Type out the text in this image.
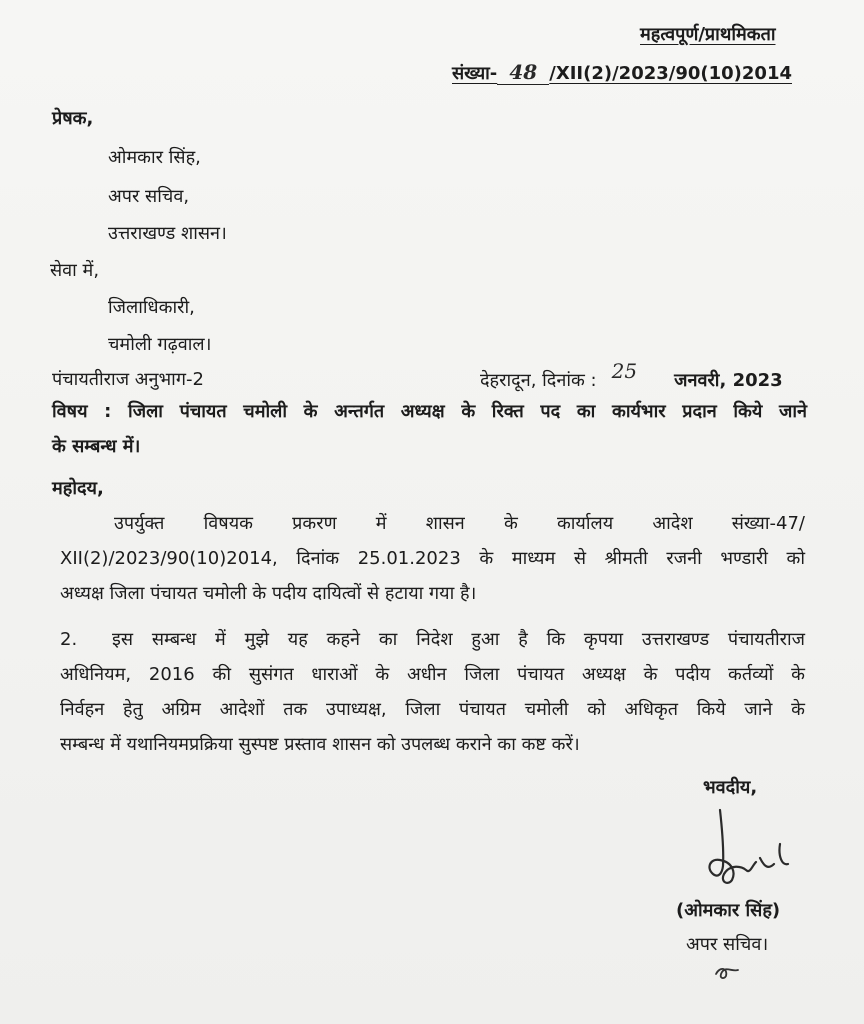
महत्वपूर्ण/प्राथमिकता
संख्या- 48 /XII(2)/2023/90(10)2014
प्रेषक,
ओमकार सिंह,
अपर सचिव,
उत्तराखण्ड शासन।
सेवा में,
जिलाधिकारी,
चमोली गढ़वाल।
पंचायतीराज अनुभाग-2	देहरादून, दिनांक : 25 जनवरी, 2023
विषय : जिला पंचायत चमोली के अन्तर्गत अध्यक्ष के रिक्त पद का कार्यभार प्रदान किये जाने
के सम्बन्ध में।
महोदय,
उपर्युक्त विषयक प्रकरण में शासन के कार्यालय आदेश संख्या-47/
XII(2)/2023/90(10)2014, दिनांक 25.01.2023 के माध्यम से श्रीमती रजनी भण्डारी को
अध्यक्ष जिला पंचायत चमोली के पदीय दायित्वों से हटाया गया है।
2. इस सम्बन्ध में मुझे यह कहने का निदेश हुआ है कि कृपया उत्तराखण्ड पंचायतीराज
अधिनियम, 2016 की सुसंगत धाराओं के अधीन जिला पंचायत अध्यक्ष के पदीय कर्तव्यों के
निर्वहन हेतु अग्रिम आदेशों तक उपाध्यक्ष, जिला पंचायत चमोली को अधिकृत किये जाने के
सम्बन्ध में यथानियमप्रक्रिया सुस्पष्ट प्रस्ताव शासन को उपलब्ध कराने का कष्ट करें।
भवदीय,
(ओमकार सिंह)
अपर सचिव।
